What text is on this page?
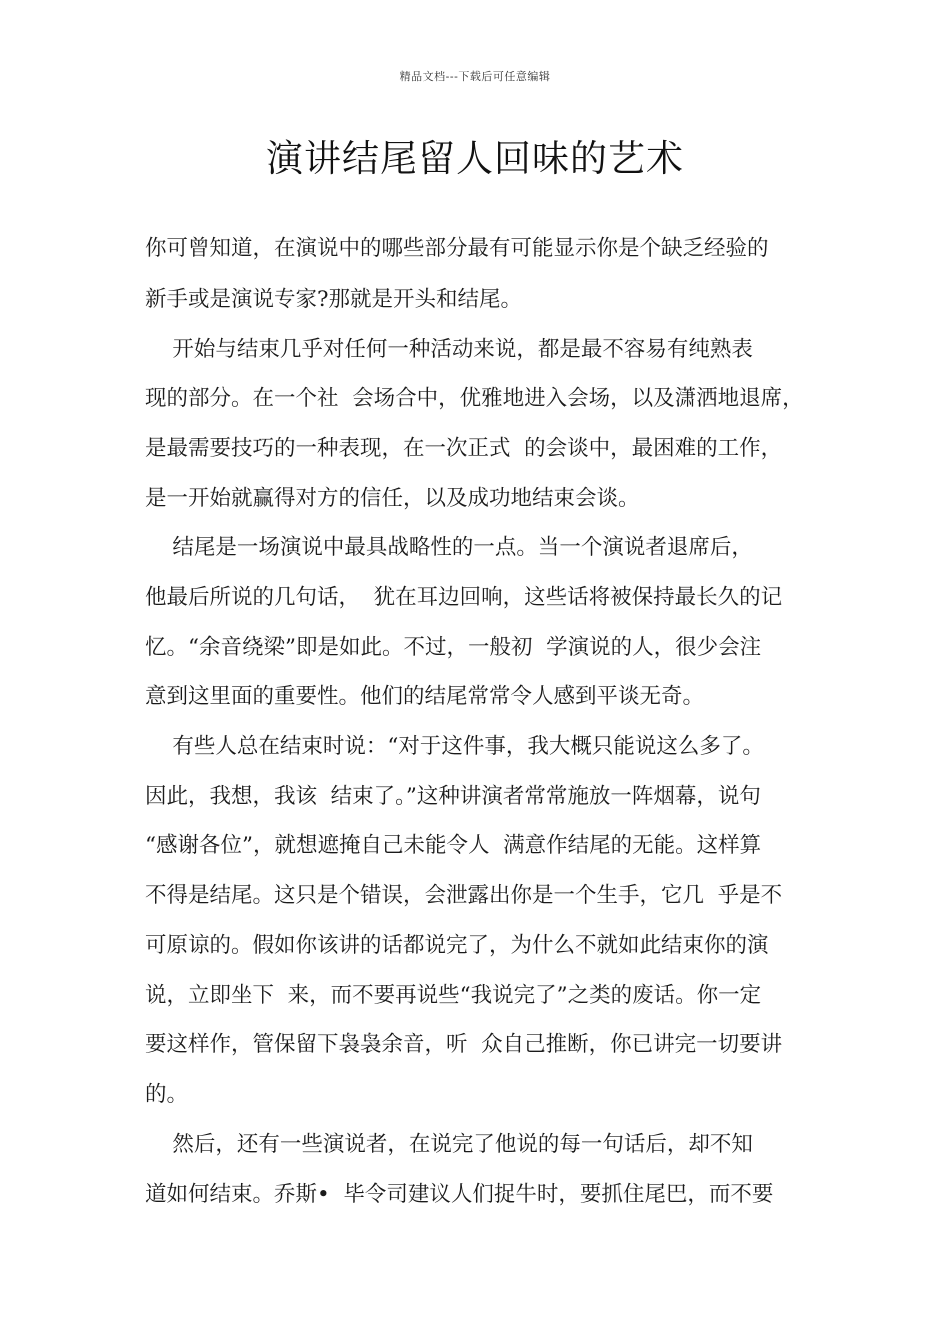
精品文档---下载后可任意编辑
演讲结尾留人回味的艺术
你可曾知道，在演说中的哪些部分最有可能显示你是个缺乏经验的
新手或是演说专家?那就是开头和结尾。
开始与结束几乎对任何一种活动来说，都是最不容易有纯熟表
现的部分。在一个社  会场合中，优雅地进入会场，以及潇洒地退席，
是最需要技巧的一种表现，在一次正式  的会谈中，最困难的工作，
是一开始就赢得对方的信任，以及成功地结束会谈。
结尾是一场演说中最具战略性的一点。当一个演说者退席后，
他最后所说的几句话，  犹在耳边回响，这些话将被保持最长久的记
忆。“余音绕梁”即是如此。不过，一般初  学演说的人，很少会注
意到这里面的重要性。他们的结尾常常令人感到平谈无奇。
有些人总在结束时说：“对于这件事，我大概只能说这么多了。
因此，我想，我该  结束了。”这种讲演者常常施放一阵烟幕，说句
“感谢各位”，就想遮掩自己未能令人  满意作结尾的无能。这样算
不得是结尾。这只是个错误，会泄露出你是一个生手，它几  乎是不
可原谅的。假如你该讲的话都说完了，为什么不就如此结束你的演
说，立即坐下  来，而不要再说些“我说完了”之类的废话。你一定
要这样作，管保留下袅袅余音，听  众自己推断，你已讲完一切要讲
的。
然后，还有一些演说者，在说完了他说的每一句话后，却不知
道如何结束。乔斯•  毕令司建议人们捉牛时，要抓住尾巴，而不要
